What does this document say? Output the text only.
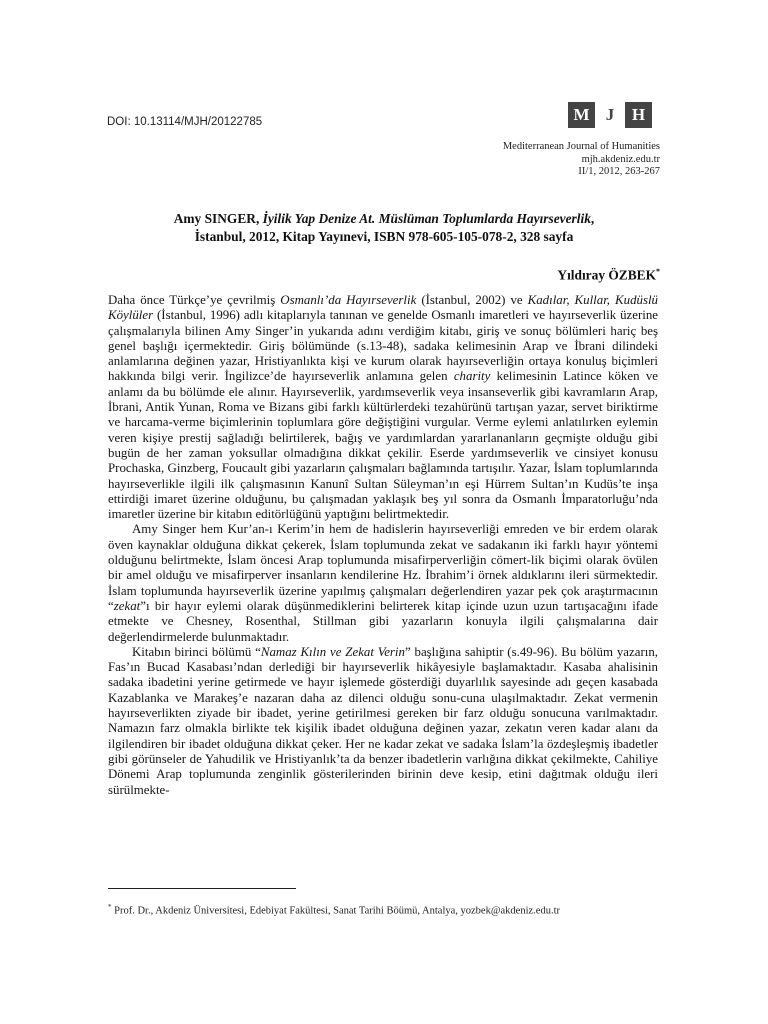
DOI: 10.13114/MJH/20122785	M J	H
Mediterranean Journal of Humanities
mjh.akdeniz.edu.tr
II/1, 2012, 263-267
Amy SINGER, İyilik Yap Denize At. Müslüman Toplumlarda Hayırseverlik,
İstanbul, 2012, Kitap Yayınevi, ISBN 978-605-105-078-2, 328 sayfa
Yıldıray ÖZBEK*

Daha önce Türkçe’ye çevrilmiş Osmanlı’da Hayırseverlik (İstanbul, 2002) ve Kadılar, Kullar, Kudüslü Köylüler (İstanbul, 1996) adlı kitaplarıyla tanınan ve genelde Osmanlı imaretleri ve hayırseverlik üzerine çalışmalarıyla bilinen Amy Singer’in yukarıda adını verdiğim kitabı, giriş ve sonuç bölümleri hariç beş genel başlığı içermektedir. Giriş bölümünde (s.13-48), sadaka kelimesinin Arap ve İbrani dilindeki anlamlarına değinen yazar, Hristiyanlıkta kişi ve kurum olarak hayırseverliğin ortaya konuluş biçimleri hakkında bilgi verir. İngilizce’de hayırseverlik anlamına gelen charity kelimesinin Latince köken ve anlamı da bu bölümde ele alınır. Hayırseverlik, yardımseverlik veya insanseverlik gibi kavramların Arap, İbrani, Antik Yunan, Roma ve Bizans gibi farklı kültürlerdeki tezahürünü tartışan yazar, servet biriktirme ve harcama-verme biçimlerinin toplumlara göre değiştiğini vurgular. Verme eylemi anlatılırken eylemin veren kişiye prestij sağladığı belirtilerek, bağış ve yardımlardan yararlananların geçmişte olduğu gibi bugün de her zaman yoksullar olmadığına dikkat çekilir. Eserde yardımseverlik ve cinsiyet konusu Prochaska, Ginzberg, Foucault gibi yazarların çalışmaları bağlamında tartışılır. Yazar, İslam toplumlarında hayırseverlikle ilgili ilk çalışmasının Kanunî Sultan Süleyman’ın eşi Hürrem Sultan’ın Kudüs’te inşa ettirdiği imaret üzerine olduğunu, bu çalışmadan yaklaşık beş yıl sonra da Osmanlı İmparatorluğu’nda imaretler üzerine bir kitabın editörlüğünü yaptığını belirtmektedir.

Amy Singer hem Kur’an-ı Kerim’in hem de hadislerin hayırseverliği emreden ve bir erdem olarak öven kaynaklar olduğuna dikkat çekerek, İslam toplumunda zekat ve sadakanın iki farklı hayır yöntemi olduğunu belirtmekte, İslam öncesi Arap toplumunda misafirperverliğin cömert-lik biçimi olarak övülen bir amel olduğu ve misafirperver insanların kendilerine Hz. İbrahim’i örnek aldıklarını ileri sürmektedir. İslam toplumunda hayırseverlik üzerine yapılmış çalışmaları değerlendiren yazar pek çok araştırmacının “zekat”ı bir hayır eylemi olarak düşünmediklerini belirterek kitap içinde uzun uzun tartışacağını ifade etmekte ve Chesney, Rosenthal, Stillman gibi yazarların konuyla ilgili çalışmalarına dair değerlendirmelerde bulunmaktadır.

Kitabın birinci bölümü “Namaz Kılın ve Zekat Verin” başlığına sahiptir (s.49-96). Bu bölüm yazarın, Fas’ın Bucad Kasabası’ndan derlediği bir hayırseverlik hikâyesiyle başlamaktadır. Kasaba ahalisinin sadaka ibadetini yerine getirmede ve hayır işlemede gösterdiği duyarlılık sayesinde adı geçen kasabada Kazablanka ve Marakeş’e nazaran daha az dilenci olduğu sonu-cuna ulaşılmaktadır. Zekat vermenin hayırseverlikten ziyade bir ibadet, yerine getirilmesi gereken bir farz olduğu sonucuna varılmaktadır. Namazın farz olmakla birlikte tek kişilik ibadet olduğuna değinen yazar, zekatın veren kadar alanı da ilgilendiren bir ibadet olduğuna dikkat çeker. Her ne kadar zekat ve sadaka İslam’la özdeşleşmiş ibadetler gibi görünseler de Yahudilik ve Hristiyanlık’ta da benzer ibadetlerin varlığına dikkat çekilmekte, Cahiliye Dönemi Arap toplumunda zenginlik gösterilerinden birinin deve kesip, etini dağıtmak olduğu ileri sürülmekte-

* Prof. Dr., Akdeniz Üniversitesi, Edebiyat Fakültesi, Sanat Tarihi Böümü, Antalya, yozbek@akdeniz.edu.tr
